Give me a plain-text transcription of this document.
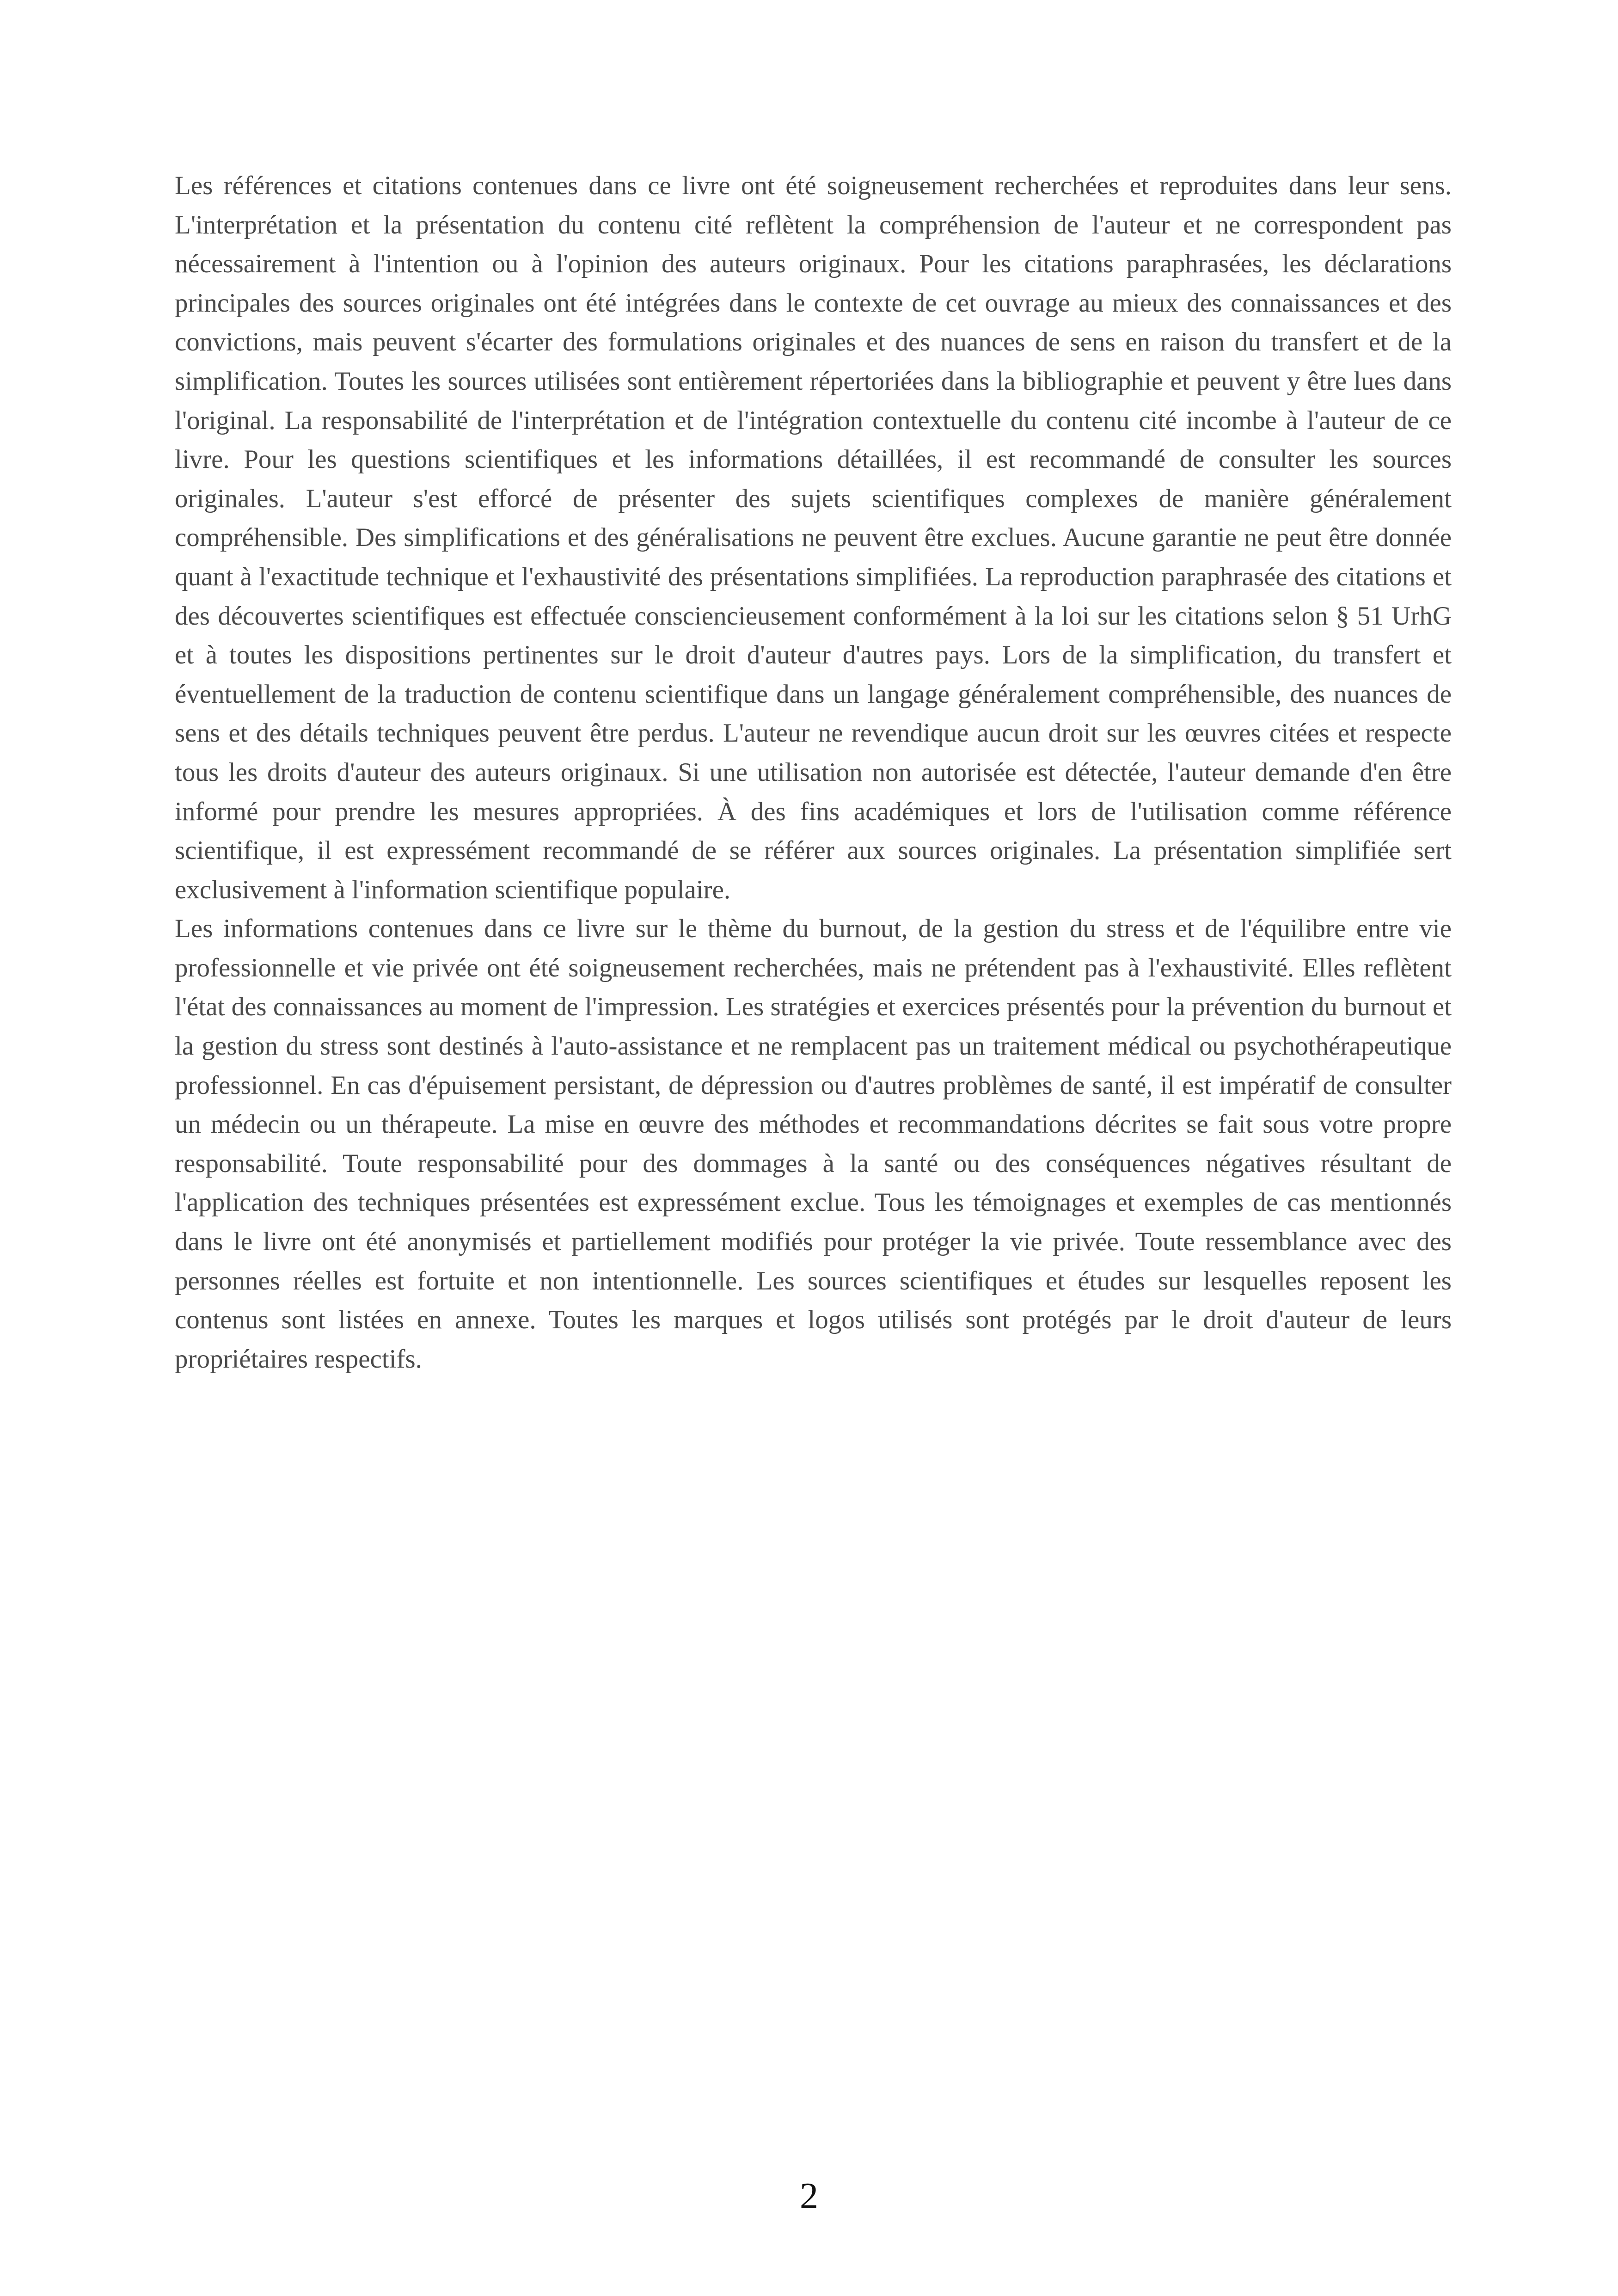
Les références et citations contenues dans ce livre ont été soigneusement recherchées et reproduites dans leur sens. L'interprétation et la présentation du contenu cité reflètent la compréhension de l'auteur et ne correspondent pas nécessairement à l'intention ou à l'opinion des auteurs originaux. Pour les citations paraphrasées, les déclarations principales des sources originales ont été intégrées dans le contexte de cet ouvrage au mieux des connaissances et des convictions, mais peuvent s'écarter des formulations originales et des nuances de sens en raison du transfert et de la simplification. Toutes les sources utilisées sont entièrement répertoriées dans la bibliographie et peuvent y être lues dans l'original. La responsabilité de l'interprétation et de l'intégration contextuelle du contenu cité incombe à l'auteur de ce livre. Pour les questions scientifiques et les informations détaillées, il est recommandé de consulter les sources originales. L'auteur s'est efforcé de présenter des sujets scientifiques complexes de manière généralement compréhensible. Des simplifications et des généralisations ne peuvent être exclues. Aucune garantie ne peut être donnée quant à l'exactitude technique et l'exhaustivité des présentations simplifiées. La reproduction paraphrasée des citations et des découvertes scientifiques est effectuée consciencieusement conformément à la loi sur les citations selon § 51 UrhG et à toutes les dispositions pertinentes sur le droit d'auteur d'autres pays. Lors de la simplification, du transfert et éventuellement de la traduction de contenu scientifique dans un langage généralement compréhensible, des nuances de sens et des détails techniques peuvent être perdus. L'auteur ne revendique aucun droit sur les œuvres citées et respecte tous les droits d'auteur des auteurs originaux. Si une utilisation non autorisée est détectée, l'auteur demande d'en être informé pour prendre les mesures appropriées. À des fins académiques et lors de l'utilisation comme référence scientifique, il est expressément recommandé de se référer aux sources originales. La présentation simplifiée sert exclusivement à l'information scientifique populaire.

Les informations contenues dans ce livre sur le thème du burnout, de la gestion du stress et de l'équilibre entre vie professionnelle et vie privée ont été soigneusement recherchées, mais ne prétendent pas à l'exhaustivité. Elles reflètent l'état des connaissances au moment de l'impression. Les stratégies et exercices présentés pour la prévention du burnout et la gestion du stress sont destinés à l'auto-assistance et ne remplacent pas un traitement médical ou psychothérapeutique professionnel. En cas d'épuisement persistant, de dépression ou d'autres problèmes de santé, il est impératif de consulter un médecin ou un thérapeute. La mise en œuvre des méthodes et recommandations décrites se fait sous votre propre responsabilité. Toute responsabilité pour des dommages à la santé ou des conséquences négatives résultant de l'application des techniques présentées est expressément exclue. Tous les témoignages et exemples de cas mentionnés dans le livre ont été anonymisés et partiellement modifiés pour protéger la vie privée. Toute ressemblance avec des personnes réelles est fortuite et non intentionnelle. Les sources scientifiques et études sur lesquelles reposent les contenus sont listées en annexe. Toutes les marques et logos utilisés sont protégés par le droit d'auteur de leurs propriétaires respectifs.

2
